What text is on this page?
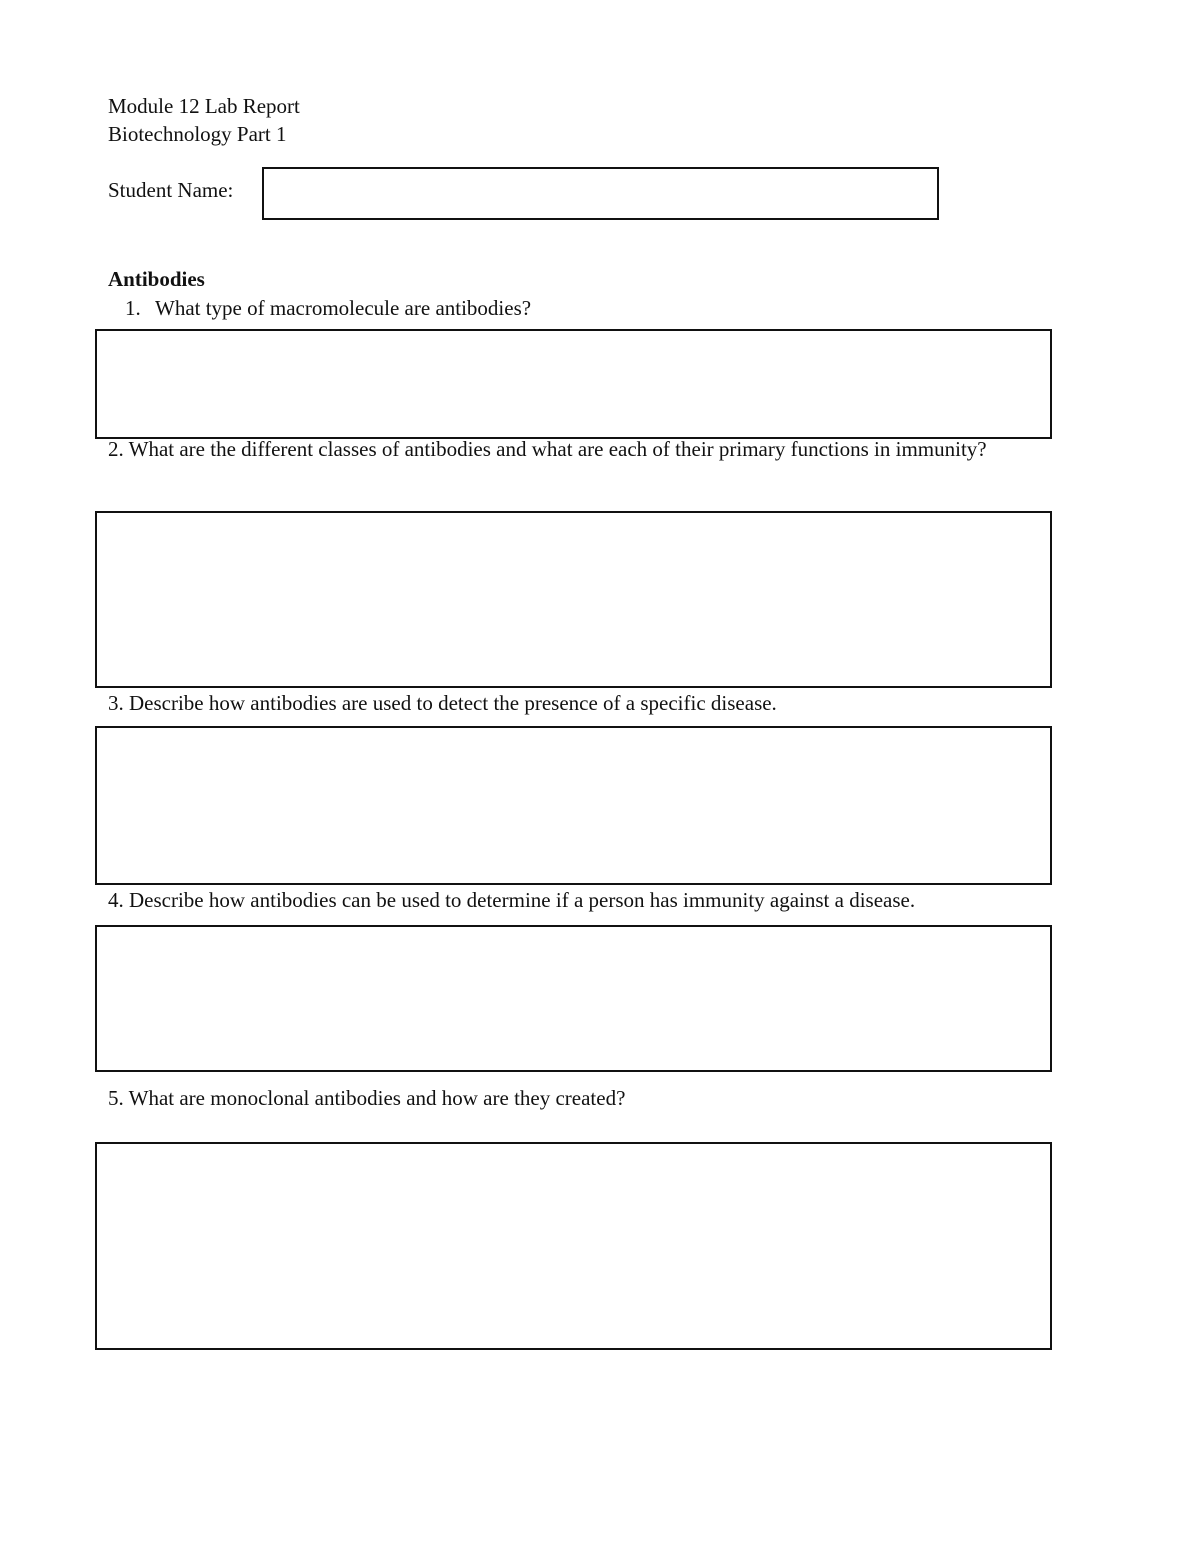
Module 12 Lab Report
Biotechnology Part 1
Student Name:
Antibodies
1. What type of macromolecule are antibodies?
2. What are the different classes of antibodies and what are each of their primary functions in immunity?
3. Describe how antibodies are used to detect the presence of a specific disease.
4. Describe how antibodies can be used to determine if a person has immunity against a disease.
5. What are monoclonal antibodies and how are they created?
